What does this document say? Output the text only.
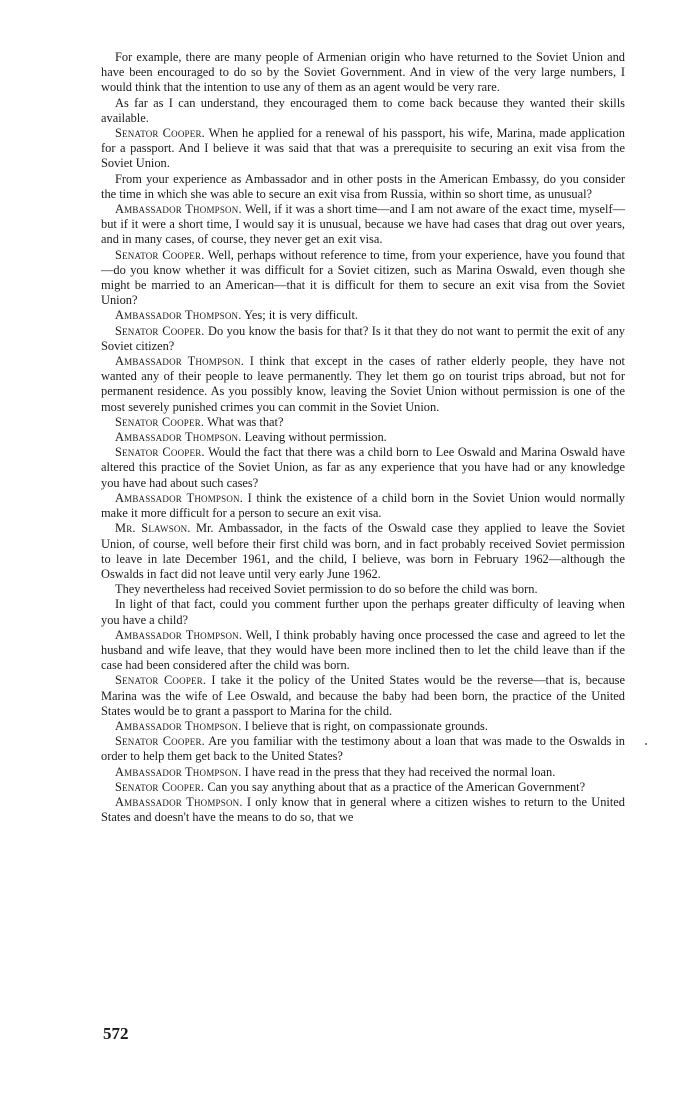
For example, there are many people of Armenian origin who have returned to the Soviet Union and have been encouraged to do so by the Soviet Government. And in view of the very large numbers, I would think that the intention to use any of them as an agent would be very rare.

As far as I can understand, they encouraged them to come back because they wanted their skills available.

Senator Cooper. When he applied for a renewal of his passport, his wife, Marina, made application for a passport. And I believe it was said that that was a prerequisite to securing an exit visa from the Soviet Union.

From your experience as Ambassador and in other posts in the American Embassy, do you consider the time in which she was able to secure an exit visa from Russia, within so short time, as unusual?

Ambassador Thompson. Well, if it was a short time—and I am not aware of the exact time, myself—but if it were a short time, I would say it is unusual, because we have had cases that drag out over years, and in many cases, of course, they never get an exit visa.

Senator Cooper. Well, perhaps without reference to time, from your experience, have you found that—do you know whether it was difficult for a Soviet citizen, such as Marina Oswald, even though she might be married to an American—that it is difficult for them to secure an exit visa from the Soviet Union?

Ambassador Thompson. Yes; it is very difficult.

Senator Cooper. Do you know the basis for that? Is it that they do not want to permit the exit of any Soviet citizen?

Ambassador Thompson. I think that except in the cases of rather elderly people, they have not wanted any of their people to leave permanently. They let them go on tourist trips abroad, but not for permanent residence. As you possibly know, leaving the Soviet Union without permission is one of the most severely punished crimes you can commit in the Soviet Union.

Senator Cooper. What was that?

Ambassador Thompson. Leaving without permission.

Senator Cooper. Would the fact that there was a child born to Lee Oswald and Marina Oswald have altered this practice of the Soviet Union, as far as any experience that you have had or any knowledge you have had about such cases?

Ambassador Thompson. I think the existence of a child born in the Soviet Union would normally make it more difficult for a person to secure an exit visa.

Mr. Slawson. Mr. Ambassador, in the facts of the Oswald case they applied to leave the Soviet Union, of course, well before their first child was born, and in fact probably received Soviet permission to leave in late December 1961, and the child, I believe, was born in February 1962—although the Oswalds in fact did not leave until very early June 1962.

They nevertheless had received Soviet permission to do so before the child was born.

In light of that fact, could you comment further upon the perhaps greater difficulty of leaving when you have a child?

Ambassador Thompson. Well, I think probably having once processed the case and agreed to let the husband and wife leave, that they would have been more inclined then to let the child leave than if the case had been considered after the child was born.

Senator Cooper. I take it the policy of the United States would be the reverse—that is, because Marina was the wife of Lee Oswald, and because the baby had been born, the practice of the United States would be to grant a passport to Marina for the child.

Ambassador Thompson. I believe that is right, on compassionate grounds.

Senator Cooper. Are you familiar with the testimony about a loan that was made to the Oswalds in order to help them get back to the United States?

Ambassador Thompson. I have read in the press that they had received the normal loan.

Senator Cooper. Can you say anything about that as a practice of the American Government?

Ambassador Thompson. I only know that in general where a citizen wishes to return to the United States and doesn't have the means to do so, that we

572
